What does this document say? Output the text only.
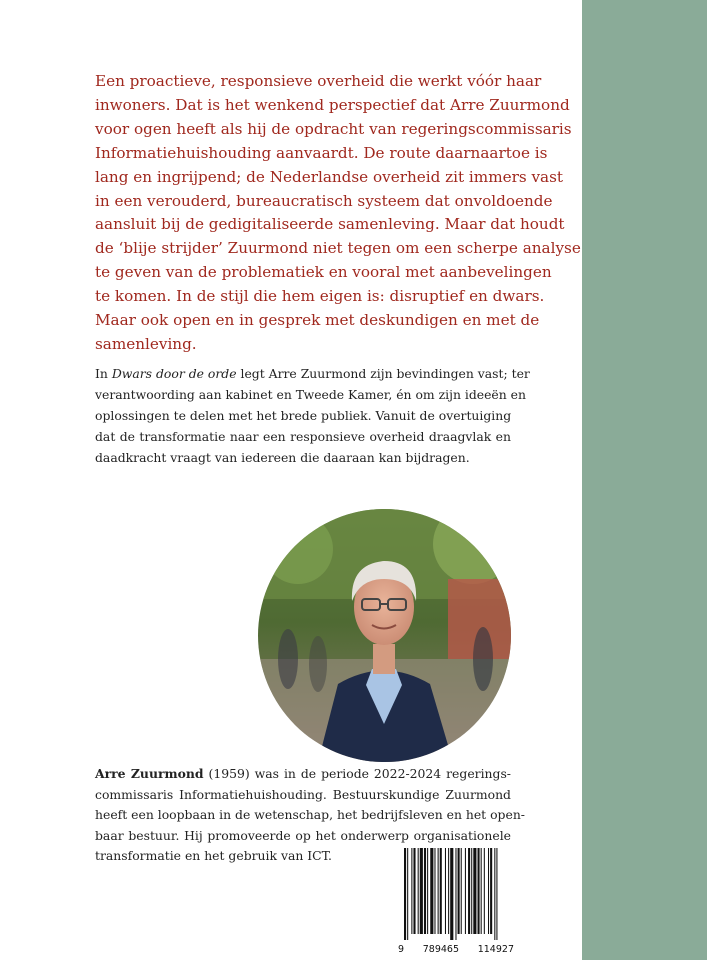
Een proactieve, responsieve overheid die werkt vóór haar
inwoners. Dat is het wenkend perspectief dat Arre Zuurmond
voor ogen heeft als hij de opdracht van regeringscommissaris
Informatiehuishouding aanvaardt. De route daarnaartoe is
lang en ingrijpend; de Nederlandse overheid zit immers vast
in een verouderd, bureaucratisch systeem dat onvoldoende
aansluit bij de gedigitaliseerde samenleving. Maar dat houdt
de ‘blije strijder’ Zuurmond niet tegen om een scherpe analyse
te geven van de problematiek en vooral met aanbevelingen
te komen. In de stijl die hem eigen is: disruptief en dwars.
Maar ook open en in gesprek met deskundigen en met de
samenleving.
In Dwars door de orde legt Arre Zuurmond zijn bevindingen vast; ter
verantwoording aan kabinet en Tweede Kamer, én om zijn ideeën en
oplossingen te delen met het brede publiek. Vanuit de overtuiging
dat de transformatie naar een responsieve overheid draagvlak en
daadkracht vraagt van iedereen die daaraan kan bijdragen.
Arre Zuurmond (1959) was in de periode 2022-2024 regerings-
commissaris Informatiehuishouding. Bestuurskundige Zuurmond
heeft een loopbaan in de wetenschap, het bedrijfsleven en het open-
baar bestuur. Hij promoveerde op het onderwerp organisationele
transformatie en het gebruik van ICT.
9 789465 114927
